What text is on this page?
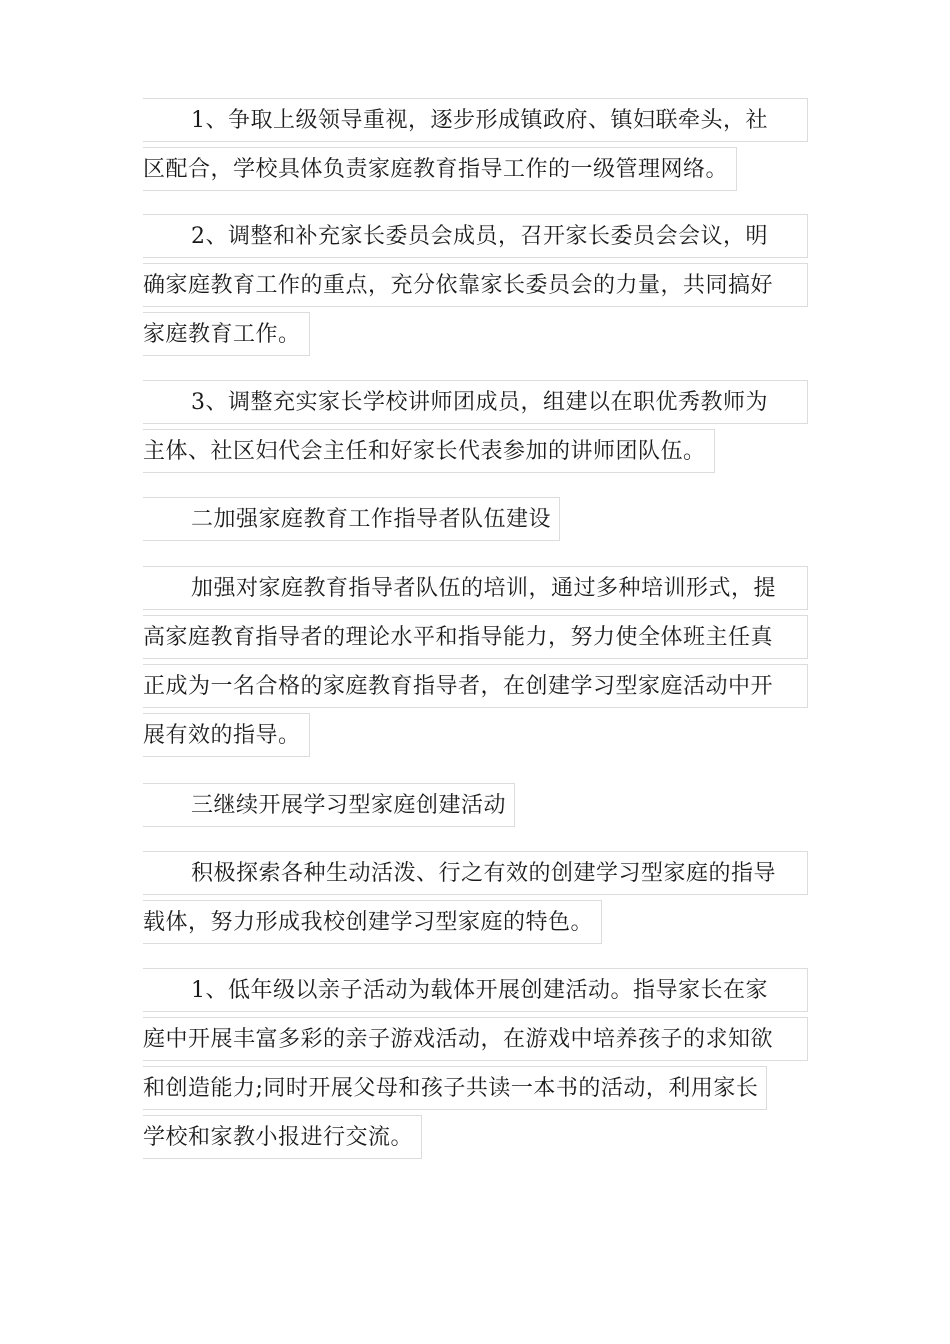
1、争取上级领导重视，逐步形成镇政府、镇妇联牵头，社
区配合，学校具体负责家庭教育指导工作的一级管理网络。
2、调整和补充家长委员会成员，召开家长委员会会议，明
确家庭教育工作的重点，充分依靠家长委员会的力量，共同搞好
家庭教育工作。
3、调整充实家长学校讲师团成员，组建以在职优秀教师为
主体、社区妇代会主任和好家长代表参加的讲师团队伍。
二加强家庭教育工作指导者队伍建设
加强对家庭教育指导者队伍的培训，通过多种培训形式，提
高家庭教育指导者的理论水平和指导能力，努力使全体班主任真
正成为一名合格的家庭教育指导者，在创建学习型家庭活动中开
展有效的指导。
三继续开展学习型家庭创建活动
积极探索各种生动活泼、行之有效的创建学习型家庭的指导
载体，努力形成我校创建学习型家庭的特色。
1、低年级以亲子活动为载体开展创建活动。指导家长在家
庭中开展丰富多彩的亲子游戏活动，在游戏中培养孩子的求知欲
和创造能力;同时开展父母和孩子共读一本书的活动，利用家长
学校和家教小报进行交流。
